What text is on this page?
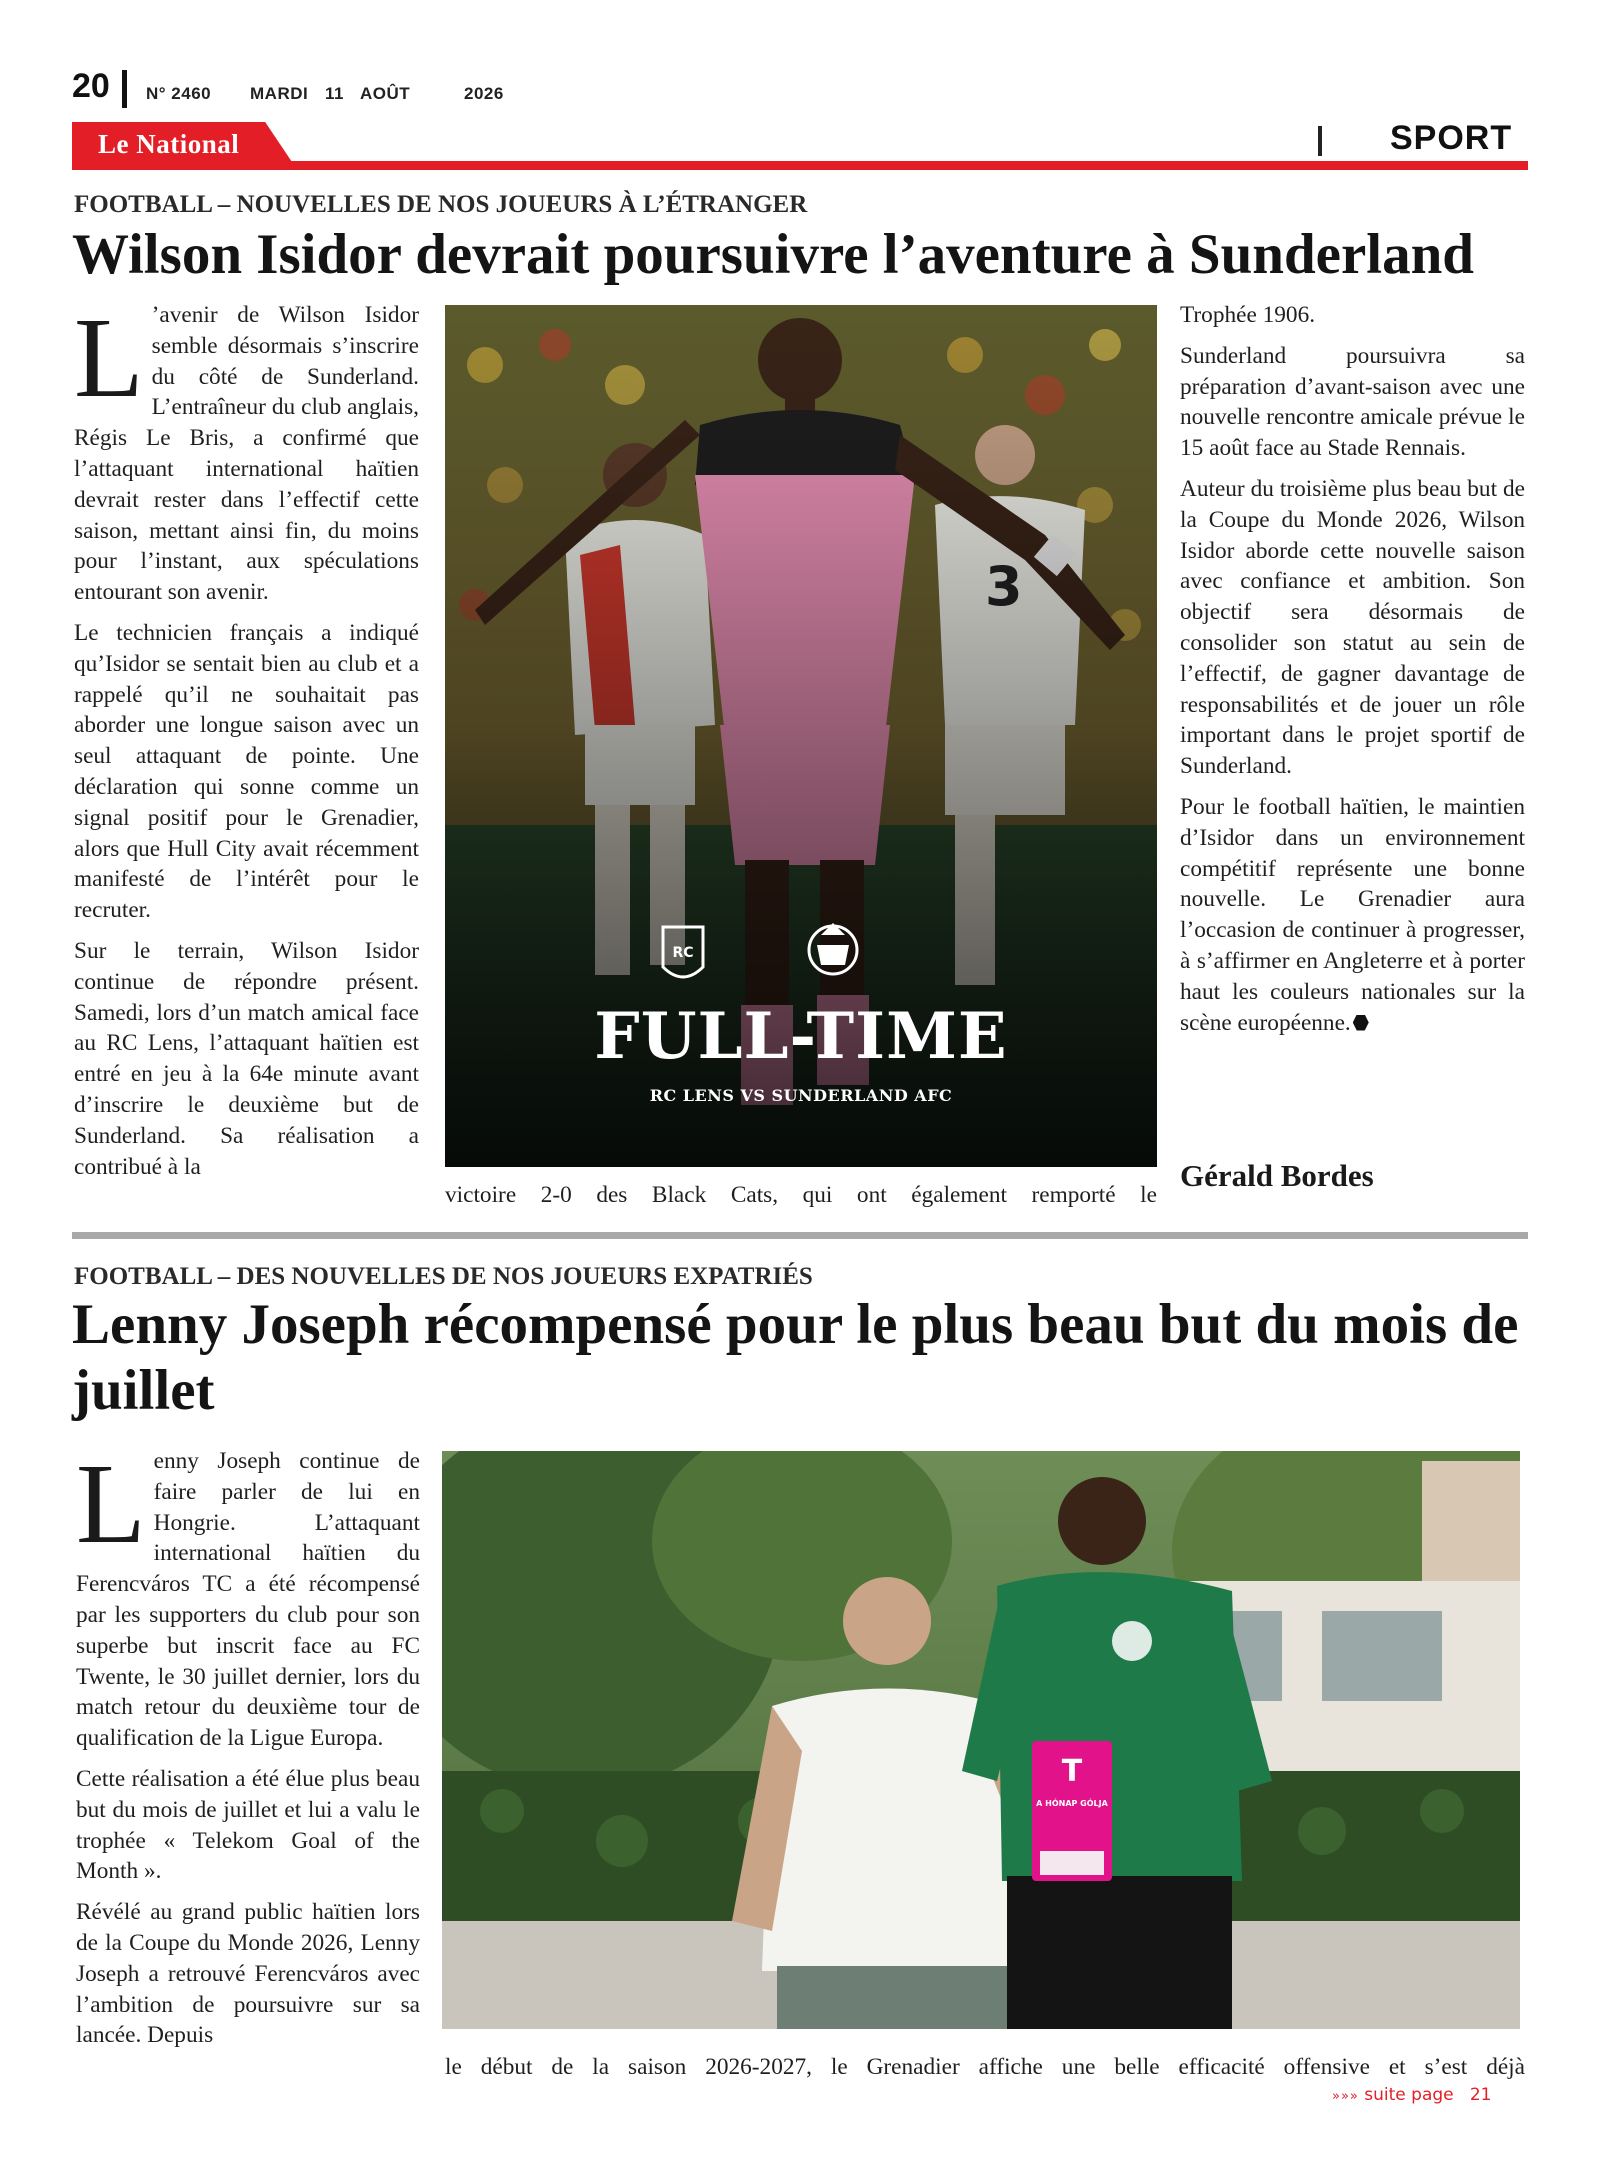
20 N° 2460 MARDI 11 AOÛT	2026
Le National	SPORT
FOOTBALL – NOUVELLES DE NOS JOUEURS À L’ÉTRANGER
Wilson Isidor devrait poursuivre l’aventure à Sunderland
L ’avenir de Wilson Isidor semble désormais s’inscrire du côté de Sunderland. L’entraîneur du club anglais, Régis Le Bris, a confirmé que l’attaquant international haïtien devrait rester dans l’effectif cette saison, mettant ainsi fin, du moins pour l’instant, aux spéculations entourant son avenir.

Le technicien français a indiqué qu’Isidor se sentait bien au club et a rappelé qu’il ne souhaitait pas aborder une longue saison avec un seul attaquant de pointe. Une déclaration qui sonne comme un signal positif pour le Grenadier, alors que Hull City avait récemment manifesté de l’intérêt pour le recruter.

Sur le terrain, Wilson Isidor continue de répondre présent. Samedi, lors d’un match amical face au RC Lens, l’attaquant haïtien est entré en jeu à la 64e minute avant d’inscrire le deuxième but de Sunderland. Sa réalisation a contribué à la

victoire 2-0 des Black Cats, qui ont également remporté le

Trophée 1906.

Sunderland poursuivra sa préparation d’avant-saison avec une nouvelle rencontre amicale prévue le 15 août face au Stade Rennais.

Auteur du troisième plus beau but de la Coupe du Monde 2026, Wilson Isidor aborde cette nouvelle saison avec confiance et ambition. Son objectif sera désormais de consolider son statut au sein de l’effectif, de gagner davantage de responsabilités et de jouer un rôle important dans le projet sportif de Sunderland.

Pour le football haïtien, le maintien d’Isidor dans un environnement compétitif représente une bonne nouvelle. Le Grenadier aura l’occasion de continuer à progresser, à s’affirmer en Angleterre et à porter haut les couleurs nationales sur la scène européenne.

Gérald Bordes
RC
FULL-TIME
RC LENS VS SUNDERLAND AFC
FOOTBALL – DES NOUVELLES DE NOS JOUEURS EXPATRIÉS
Lenny Joseph récompensé pour le plus beau but du mois de juillet
L enny Joseph continue de faire parler de lui en Hongrie. L’attaquant international haïtien du Ferencváros TC a été récompensé par les supporters du club pour son superbe but inscrit face au FC Twente, le 30 juillet dernier, lors du match retour du deuxième tour de qualification de la Ligue Europa.

Cette réalisation a été élue plus beau but du mois de juillet et lui a valu le trophée « Telekom Goal of the Month ».

Révélé au grand public haïtien lors de la Coupe du Monde 2026, Lenny Joseph a retrouvé Ferencváros avec l’ambition de poursuivre sur sa lancée. Depuis

le début de la saison 2026-2027, le Grenadier affiche une belle efficacité offensive et s’est déjà
T
A HÓNAP GÓLJA
»»» suite page 21
